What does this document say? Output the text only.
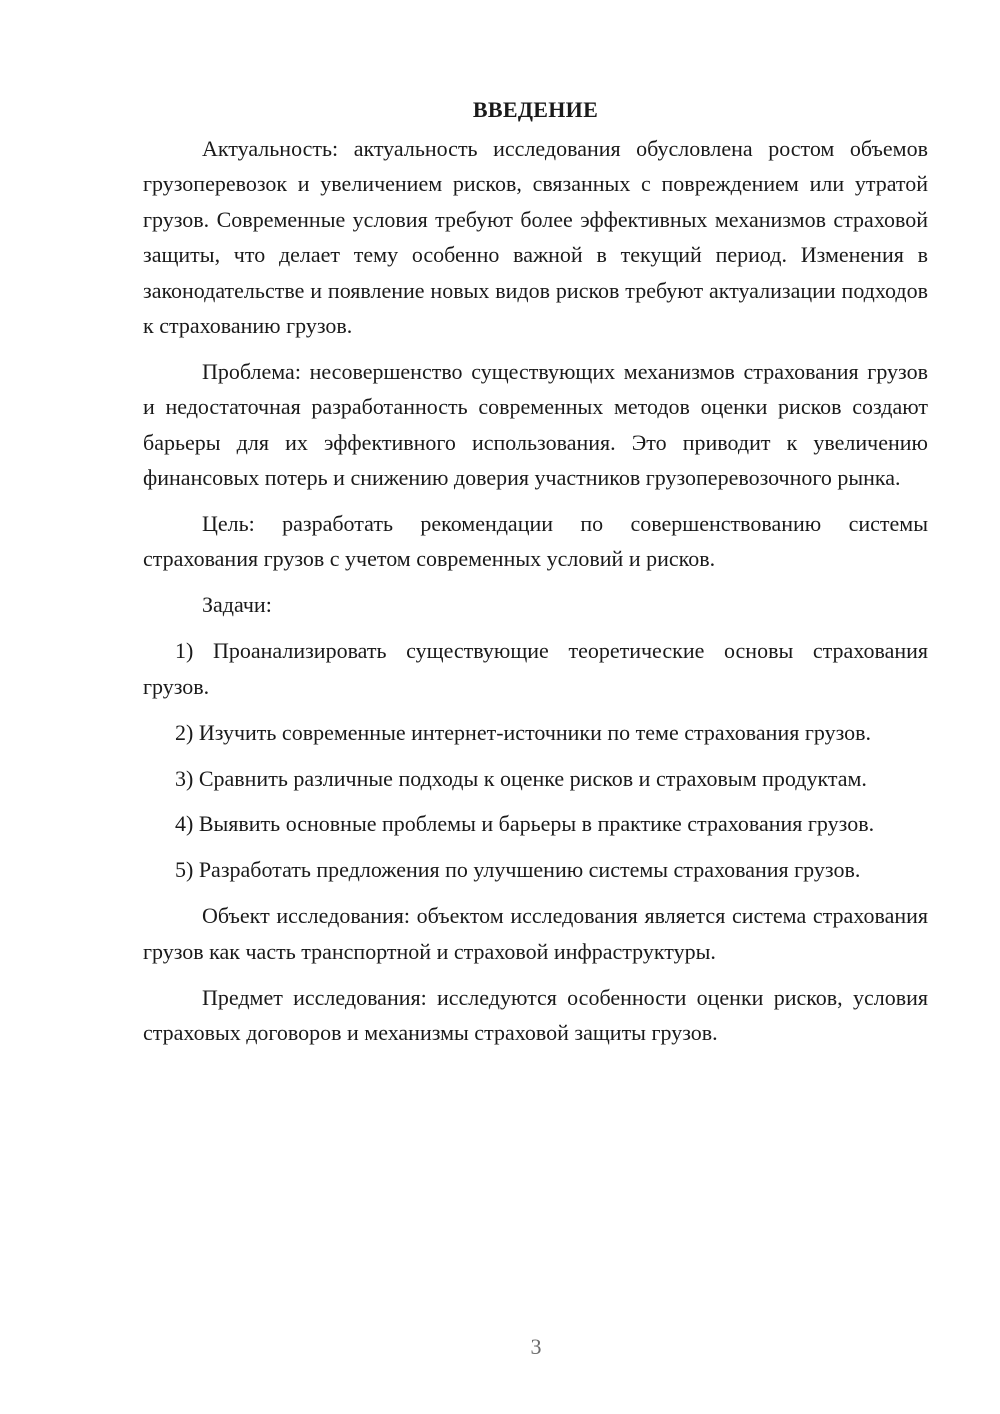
ВВЕДЕНИЕ

Актуальность: актуальность исследования обусловлена ростом объемов грузоперевозок и увеличением рисков, связанных с повреждением или утратой грузов. Современные условия требуют более эффективных механизмов страховой защиты, что делает тему особенно важной в текущий период. Изменения в законодательстве и появление новых видов рисков требуют актуализации подходов к страхованию грузов.

Проблема: несовершенство существующих механизмов страхования грузов и недостаточная разработанность современных методов оценки рисков создают барьеры для их эффективного использования. Это приводит к увеличению финансовых потерь и снижению доверия участников грузоперевозочного рынка.

Цель: разработать рекомендации по совершенствованию системы страхования грузов с учетом современных условий и рисков.

Задачи:

1) Проанализировать существующие теоретические основы страхования грузов.

2) Изучить современные интернет-источники по теме страхования грузов.

3) Сравнить различные подходы к оценке рисков и страховым продуктам.

4) Выявить основные проблемы и барьеры в практике страхования грузов.

5) Разработать предложения по улучшению системы страхования грузов.

Объект исследования: объектом исследования является система страхования грузов как часть транспортной и страховой инфраструктуры.

Предмет исследования: исследуются особенности оценки рисков, условия страховых договоров и механизмы страховой защиты грузов.

3
